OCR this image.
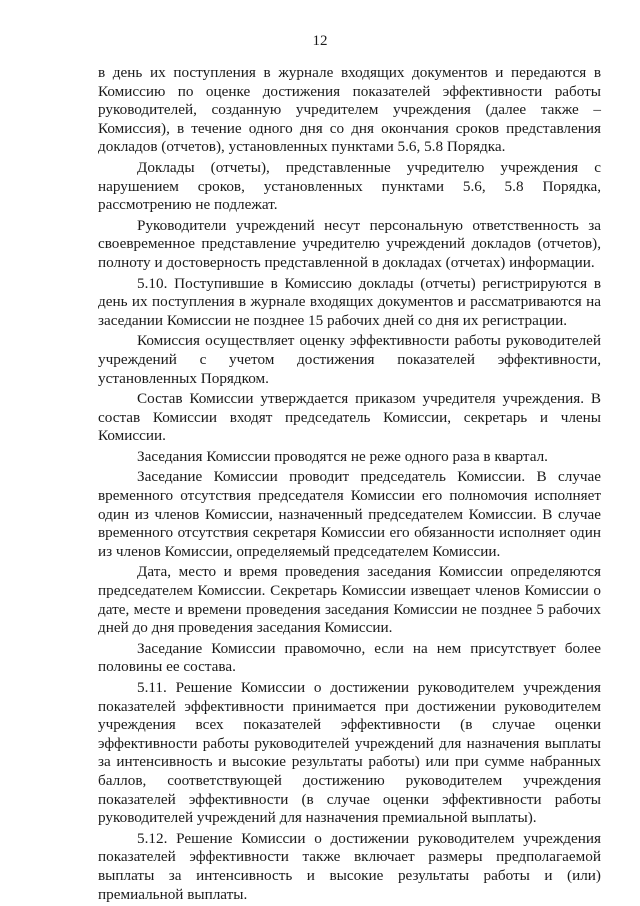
12

в день их поступления в журнале входящих документов и передаются в Комиссию по оценке достижения показателей эффективности работы руководителей, созданную учредителем учреждения (далее также – Комиссия), в течение одного дня со дня окончания сроков представления докладов (отчетов), установленных пунктами 5.6, 5.8 Порядка.

Доклады (отчеты), представленные учредителю учреждения с нарушением сроков, установленных пунктами 5.6, 5.8 Порядка, рассмотрению не подлежат.

Руководители учреждений несут персональную ответственность за своевременное представление учредителю учреждений докладов (отчетов), полноту и достоверность представленной в докладах (отчетах) информации.

5.10. Поступившие в Комиссию доклады (отчеты) регистрируются в день их поступления в журнале входящих документов и рассматриваются на заседании Комиссии не позднее 15 рабочих дней со дня их регистрации.

Комиссия осуществляет оценку эффективности работы руководителей учреждений с учетом достижения показателей эффективности, установленных Порядком.

Состав Комиссии утверждается приказом учредителя учреждения. В состав Комиссии входят председатель Комиссии, секретарь и члены Комиссии.

Заседания Комиссии проводятся не реже одного раза в квартал.

Заседание Комиссии проводит председатель Комиссии. В случае временного отсутствия председателя Комиссии его полномочия исполняет один из членов Комиссии, назначенный председателем Комиссии. В случае временного отсутствия секретаря Комиссии его обязанности исполняет один из членов Комиссии, определяемый председателем Комиссии.

Дата, место и время проведения заседания Комиссии определяются председателем Комиссии. Секретарь Комиссии извещает членов Комиссии о дате, месте и времени проведения заседания Комиссии не позднее 5 рабочих дней до дня проведения заседания Комиссии.

Заседание Комиссии правомочно, если на нем присутствует более половины ее состава.

5.11. Решение Комиссии о достижении руководителем учреждения показателей эффективности принимается при достижении руководителем учреждения всех показателей эффективности (в случае оценки эффективности работы руководителей учреждений для назначения выплаты за интенсивность и высокие результаты работы) или при сумме набранных баллов, соответствующей достижению руководителем учреждения показателей эффективности (в случае оценки эффективности работы руководителей учреждений для назначения премиальной выплаты).

5.12. Решение Комиссии о достижении руководителем учреждения показателей эффективности также включает размеры предполагаемой выплаты за интенсивность и высокие результаты работы и (или) премиальной выплаты.
